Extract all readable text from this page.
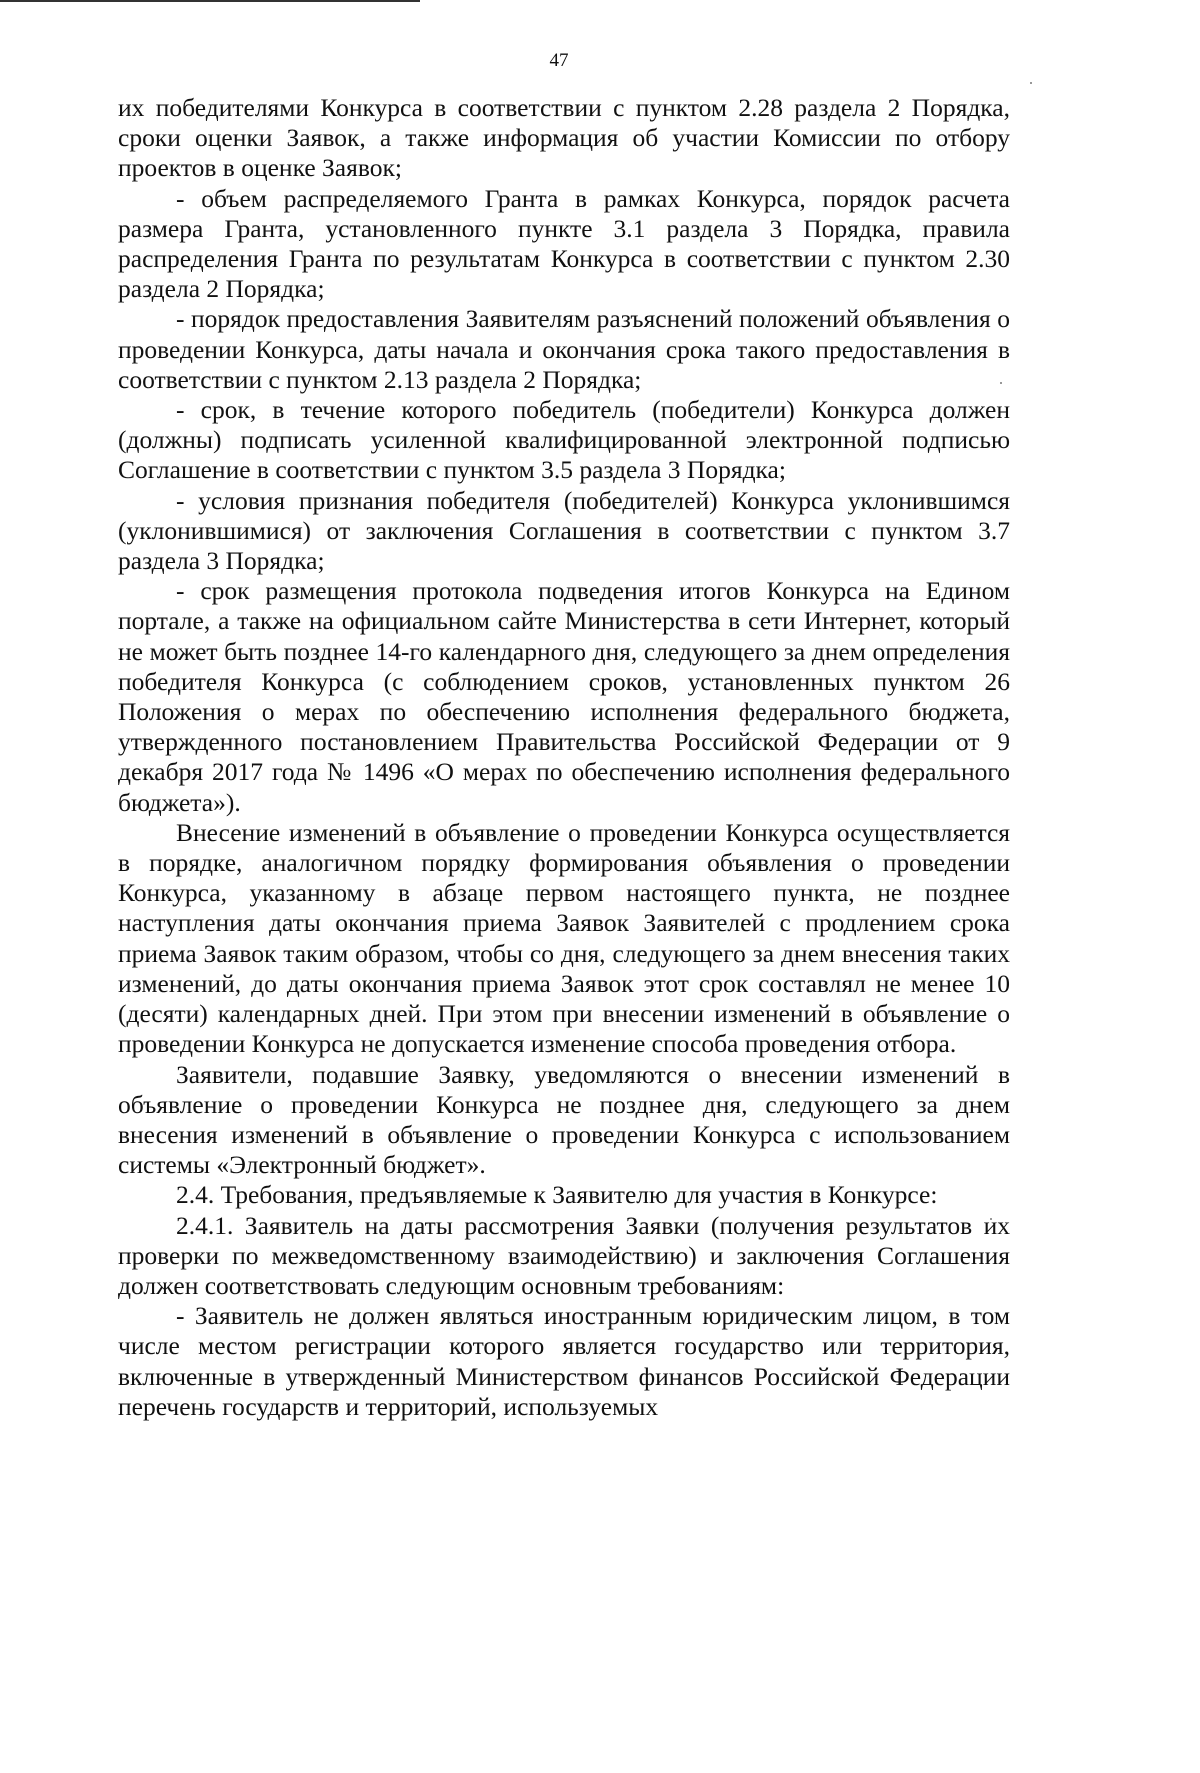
47

их победителями Конкурса в соответствии с пунктом 2.28 раздела 2 Порядка, сроки оценки Заявок, а также информация об участии Комиссии по отбору проектов в оценке Заявок;

- объем распределяемого Гранта в рамках Конкурса, порядок расчета размера Гранта, установленного пункте 3.1 раздела 3 Порядка, правила распределения Гранта по результатам Конкурса в соответствии с пунктом 2.30 раздела 2 Порядка;

- порядок предоставления Заявителям разъяснений положений объявления о проведении Конкурса, даты начала и окончания срока такого предоставления в соответствии с пунктом 2.13 раздела 2 Порядка;

- срок, в течение которого победитель (победители) Конкурса должен (должны) подписать усиленной квалифицированной электронной подписью Соглашение в соответствии с пунктом 3.5 раздела 3 Порядка;

- условия признания победителя (победителей) Конкурса уклонившимся (уклонившимися) от заключения Соглашения в соответствии с пунктом 3.7 раздела 3 Порядка;

- срок размещения протокола подведения итогов Конкурса на Едином портале, а также на официальном сайте Министерства в сети Интернет, который не может быть позднее 14-го календарного дня, следующего за днем определения победителя Конкурса (с соблюдением сроков, установленных пунктом 26 Положения о мерах по обеспечению исполнения федерального бюджета, утвержденного постановлением Правительства Российской Федерации от 9 декабря 2017 года № 1496 «О мерах по обеспечению исполнения федерального бюджета»).

Внесение изменений в объявление о проведении Конкурса осуществляется в порядке, аналогичном порядку формирования объявления о проведении Конкурса, указанному в абзаце первом настоящего пункта, не позднее наступления даты окончания приема Заявок Заявителей с продлением срока приема Заявок таким образом, чтобы со дня, следующего за днем внесения таких изменений, до даты окончания приема Заявок этот срок составлял не менее 10 (десяти) календарных дней. При этом при внесении изменений в объявление о проведении Конкурса не допускается изменение способа проведения отбора.

Заявители, подавшие Заявку, уведомляются о внесении изменений в объявление о проведении Конкурса не позднее дня, следующего за днем внесения изменений в объявление о проведении Конкурса с использованием системы «Электронный бюджет».

2.4. Требования, предъявляемые к Заявителю для участия в Конкурсе:

2.4.1. Заявитель на даты рассмотрения Заявки (получения результатов их проверки по межведомственному взаимодействию) и заключения Соглашения должен соответствовать следующим основным требованиям:

- Заявитель не должен являться иностранным юридическим лицом, в том числе местом регистрации которого является государство или территория, включенные в утвержденный Министерством финансов Российской Федерации перечень государств и территорий, используемых
